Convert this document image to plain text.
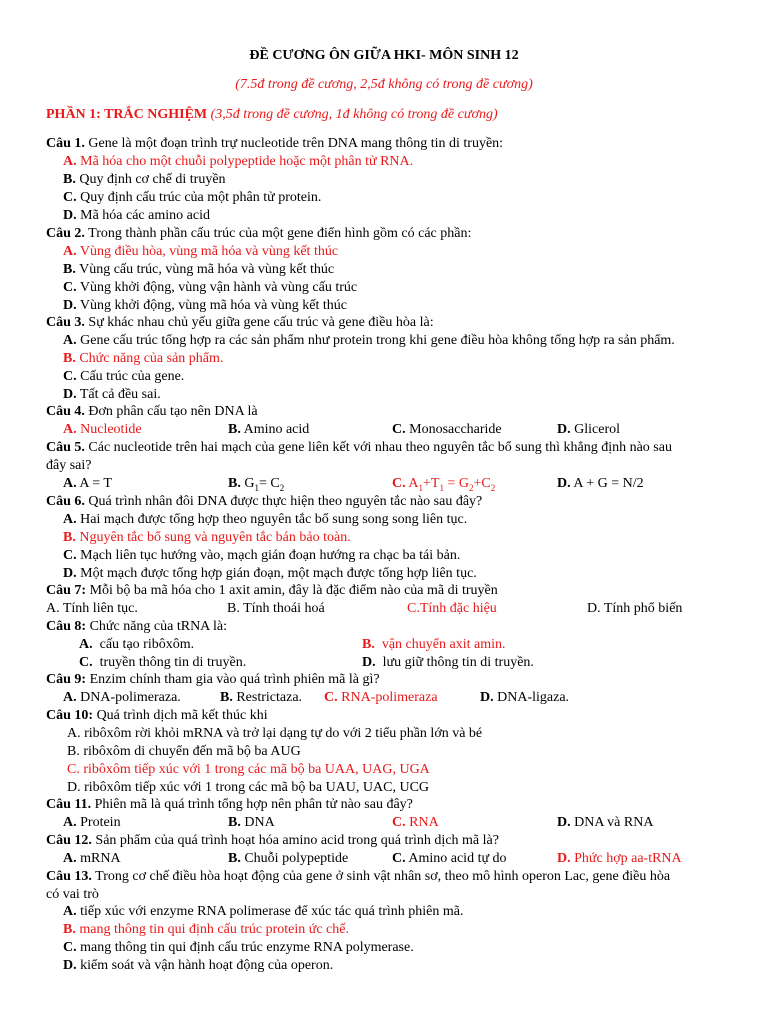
ĐỀ CƯƠNG ÔN GIỮA HKI- MÔN SINH 12
(7.5đ trong đề cương, 2,5đ không có trong đề cương)
PHẦN 1: TRẮC NGHIỆM (3,5đ trong đề cương, 1đ không có trong đề cương)
Câu 1. Gene là một đoạn trình trự nucleotide trên DNA mang thông tin di truyền:
A. Mã hóa cho một chuỗi polypeptide hoặc một phân tử RNA.
B. Quy định cơ chế di truyền
C. Quy định cấu trúc của một phân tử protein.
D. Mã hóa các amino acid
Câu 2. Trong thành phần cấu trúc của một gene điển hình gồm có các phần:
A. Vùng điều hòa, vùng mã hóa và vùng kết thúc
B. Vùng cấu trúc, vùng mã hóa và vùng kết thúc
C. Vùng khởi động, vùng vận hành và vùng cấu trúc
D. Vùng khởi động, vùng mã hóa và vùng kết thúc
Câu 3. Sự khác nhau chủ yếu giữa gene cấu trúc và gene điều hòa là:
A. Gene cấu trúc tổng hợp ra các sản phẩm như protein trong khi gene điều hòa không tổng hợp ra sản phẩm.
B. Chức năng của sản phẩm.
C. Cấu trúc của gene.
D. Tất cả đều sai.
Câu 4. Đơn phân cấu tạo nên DNA là
A. Nucleotide	B. Amino acid	C. Monosaccharide	D. Glicerol
Câu 5. Các nucleotide trên hai mạch của gene liên kết với nhau theo nguyên tắc bổ sung thì khẳng định nào sau
đây sai?
A. A = T	B. $G_1= C_2$	C. $A_1+T_1 = G_2+C_2$	D. A + G = N/2
Câu 6. Quá trình nhân đôi DNA được thực hiện theo nguyên tắc nào sau đây?
A. Hai mạch được tổng hợp theo nguyên tắc bổ sung song song liên tục.
B. Nguyên tắc bổ sung và nguyên tắc bán bảo toàn.
C. Mạch liên tục hướng vào, mạch gián đoạn hướng ra chạc ba tái bản.
D. Một mạch được tổng hợp gián đoạn, một mạch được tổng hợp liên tục.
Câu 7: Mỗi bộ ba mã hóa cho 1 axit amin, đây là đặc điểm nào của mã di truyền
A. Tính liên tục.	B. Tính thoái hoá	C.Tính đặc hiệu	D. Tính phổ biến
Câu 8: Chức năng của tRNA là:
A. cấu tạo ribôxôm.	B. vận chuyển axit amin.
C. truyền thông tin di truyền.	D. lưu giữ thông tin di truyền.
Câu 9: Enzim chính tham gia vào quá trình phiên mã là gì?
A. DNA-polimeraza.	B. Restrictaza. C. RNA-polimeraza	D. DNA-ligaza.
Câu 10: Quá trình dịch mã kết thúc khi
A. ribôxôm rời khỏi mRNA và trở lại dạng tự do với 2 tiểu phần lớn và bé
B. ribôxôm di chuyển đến mã bộ ba AUG
C. ribôxôm tiếp xúc với 1 trong các mã bộ ba UAA, UAG, UGA
D. ribôxôm tiếp xúc với 1 trong các mã bộ ba UAU, UAC, UCG
Câu 11. Phiên mã là quá trình tổng hợp nên phân tử nào sau đây?
A. Protein	B. DNA	C. RNA	D. DNA và RNA
Câu 12. Sản phẩm của quá trình hoạt hóa amino acid trong quá trình dịch mã là?
A. mRNA	B. Chuỗi polypeptide	C. Amino acid tự do	D. Phức hợp aa-tRNA
Câu 13. Trong cơ chế điều hòa hoạt động của gene ở sinh vật nhân sơ, theo mô hình operon Lac, gene điều hòa
có vai trò
A. tiếp xúc với enzyme RNA polimerase để xúc tác quá trình phiên mã.
B. mang thông tin qui định cấu trúc protein ức chế.
C. mang thông tin qui định cấu trúc enzyme RNA polymerase.
D. kiểm soát và vận hành hoạt động của operon.
